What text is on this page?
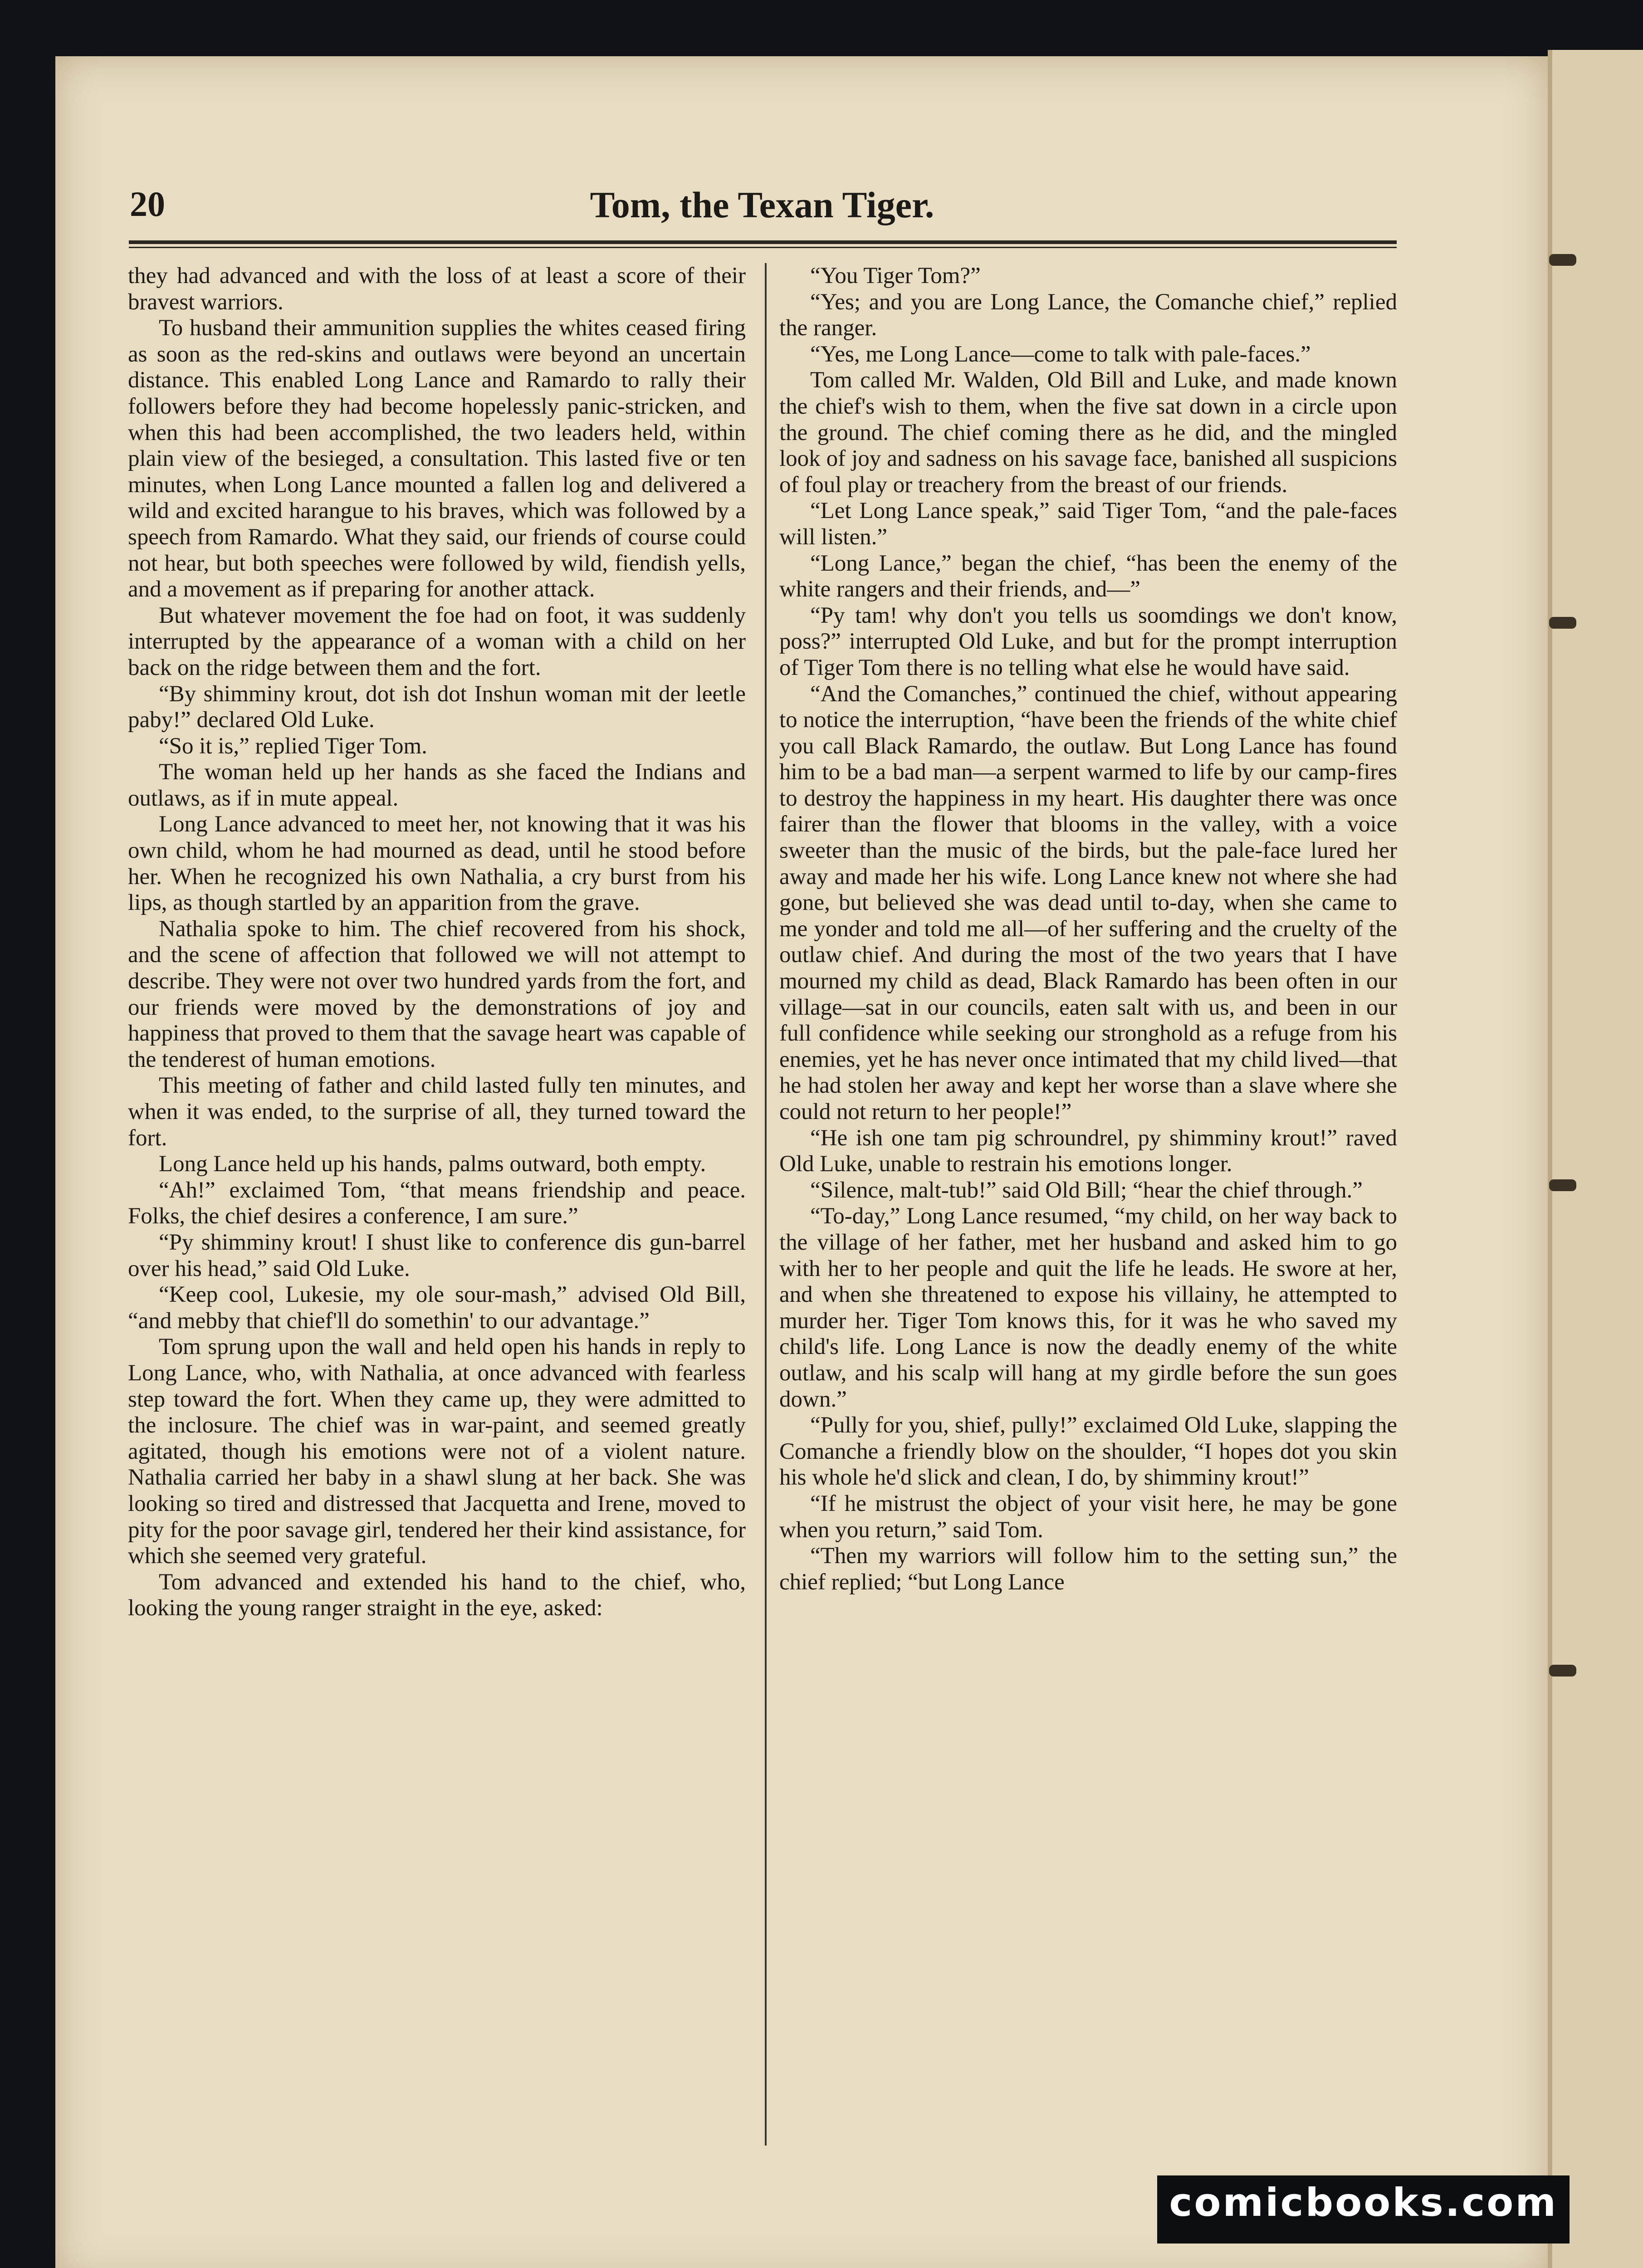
20	Tom, the Texan Tiger.

they had advanced and with the loss of at least a score of their bravest warriors.

To husband their ammunition supplies the whites ceased firing as soon as the red-skins and outlaws were beyond an uncertain distance. This enabled Long Lance and Ramardo to rally their followers before they had become hopelessly panic-stricken, and when this had been accomplished, the two leaders held, within plain view of the besieged, a consultation. This lasted five or ten minutes, when Long Lance mounted a fallen log and delivered a wild and excited harangue to his braves, which was followed by a speech from Ramardo. What they said, our friends of course could not hear, but both speeches were followed by wild, fiendish yells, and a movement as if preparing for another attack.

But whatever movement the foe had on foot, it was suddenly interrupted by the appearance of a woman with a child on her back on the ridge between them and the fort.

“By shimminy krout, dot ish dot Inshun woman mit der leetle paby!” declared Old Luke.

“So it is,” replied Tiger Tom.

The woman held up her hands as she faced the Indians and outlaws, as if in mute appeal.

Long Lance advanced to meet her, not knowing that it was his own child, whom he had mourned as dead, until he stood before her. When he recognized his own Nathalia, a cry burst from his lips, as though startled by an apparition from the grave.

Nathalia spoke to him. The chief recovered from his shock, and the scene of affection that followed we will not attempt to describe. They were not over two hundred yards from the fort, and our friends were moved by the demonstrations of joy and happiness that proved to them that the savage heart was capable of the tenderest of human emotions.

This meeting of father and child lasted fully ten minutes, and when it was ended, to the surprise of all, they turned toward the fort.

Long Lance held up his hands, palms outward, both empty.

“Ah!” exclaimed Tom, “that means friendship and peace. Folks, the chief desires a conference, I am sure.”

“Py shimminy krout! I shust like to conference dis gun-barrel over his head,” said Old Luke.

“Keep cool, Lukesie, my ole sour-mash,” advised Old Bill, “and mebby that chief'll do somethin' to our advantage.”

Tom sprung upon the wall and held open his hands in reply to Long Lance, who, with Nathalia, at once advanced with fearless step toward the fort. When they came up, they were admitted to the inclosure. The chief was in war-paint, and seemed greatly agitated, though his emotions were not of a violent nature. Nathalia carried her baby in a shawl slung at her back. She was looking so tired and distressed that Jacquetta and Irene, moved to pity for the poor savage girl, tendered her their kind assistance, for which she seemed very grateful.

Tom advanced and extended his hand to the chief, who, looking the young ranger straight in the eye, asked:

“You Tiger Tom?”

“Yes; and you are Long Lance, the Comanche chief,” replied the ranger.

“Yes, me Long Lance—come to talk with pale-faces.”

Tom called Mr. Walden, Old Bill and Luke, and made known the chief's wish to them, when the five sat down in a circle upon the ground. The chief coming there as he did, and the mingled look of joy and sadness on his savage face, banished all suspicions of foul play or treachery from the breast of our friends.

“Let Long Lance speak,” said Tiger Tom, “and the pale-faces will listen.”

“Long Lance,” began the chief, “has been the enemy of the white rangers and their friends, and—”

“Py tam! why don't you tells us soomdings we don't know, poss?” interrupted Old Luke, and but for the prompt interruption of Tiger Tom there is no telling what else he would have said.

“And the Comanches,” continued the chief, without appearing to notice the interruption, “have been the friends of the white chief you call Black Ramardo, the outlaw. But Long Lance has found him to be a bad man—a serpent warmed to life by our camp-fires to destroy the happiness in my heart. His daughter there was once fairer than the flower that blooms in the valley, with a voice sweeter than the music of the birds, but the pale-face lured her away and made her his wife. Long Lance knew not where she had gone, but believed she was dead until to-day, when she came to me yonder and told me all—of her suffering and the cruelty of the outlaw chief. And during the most of the two years that I have mourned my child as dead, Black Ramardo has been often in our village—sat in our councils, eaten salt with us, and been in our full confidence while seeking our stronghold as a refuge from his enemies, yet he has never once intimated that my child lived—that he had stolen her away and kept her worse than a slave where she could not return to her people!”

“He ish one tam pig schroundrel, py shimminy krout!” raved Old Luke, unable to restrain his emotions longer.

“Silence, malt-tub!” said Old Bill; “hear the chief through.”

“To-day,” Long Lance resumed, “my child, on her way back to the village of her father, met her husband and asked him to go with her to her people and quit the life he leads. He swore at her, and when she threatened to expose his villainy, he attempted to murder her. Tiger Tom knows this, for it was he who saved my child's life. Long Lance is now the deadly enemy of the white outlaw, and his scalp will hang at my girdle before the sun goes down.”

“Pully for you, shief, pully!” exclaimed Old Luke, slapping the Comanche a friendly blow on the shoulder, “I hopes dot you skin his whole he'd slick and clean, I do, by shimminy krout!”

“If he mistrust the object of your visit here, he may be gone when you return,” said Tom.

“Then my warriors will follow him to the setting sun,” the chief replied; “but Long Lance

comicbooks.com
